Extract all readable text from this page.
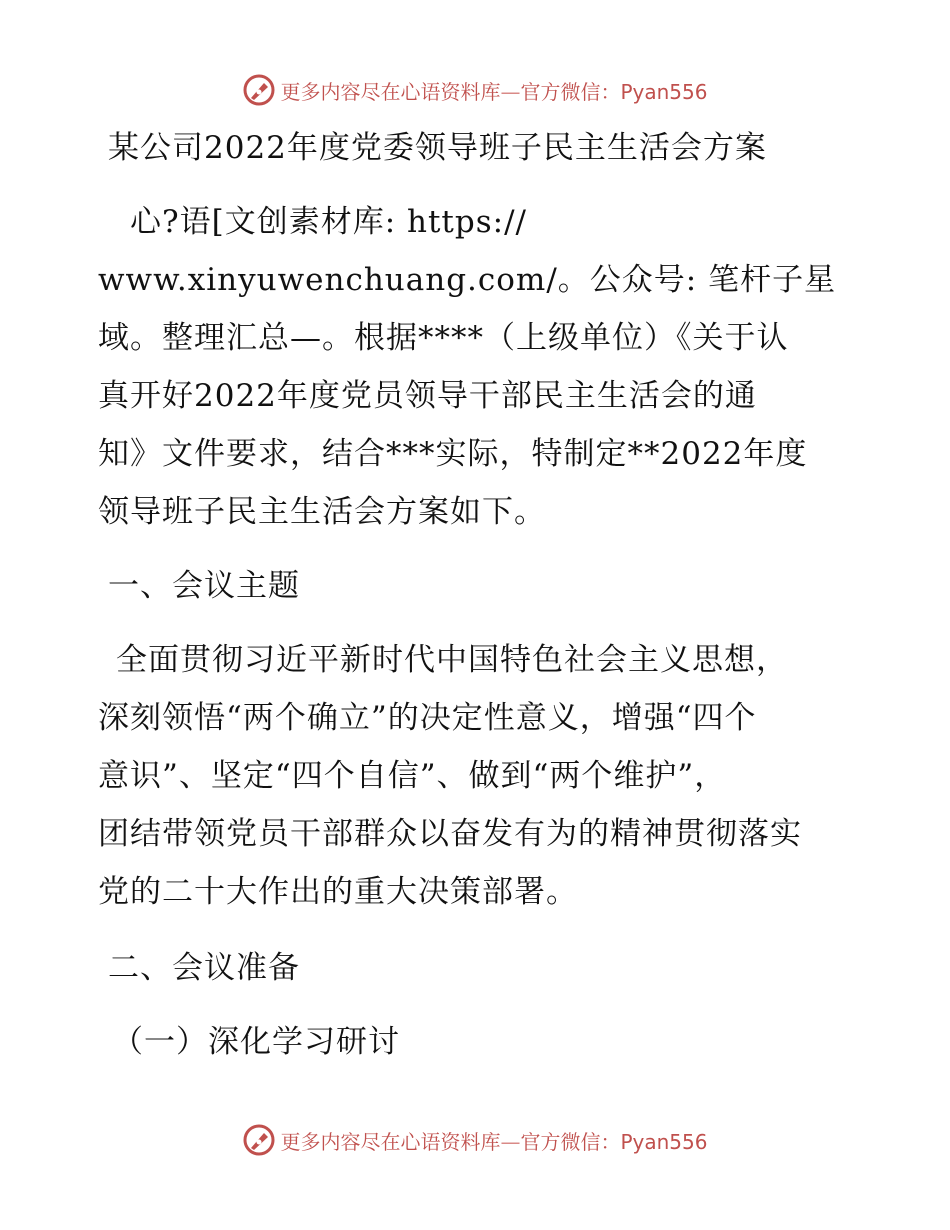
更多内容尽在心语资料库—官方微信：Pyan556
某公司2022年度党委领导班子民主生活会方案
心?语[文创素材库: https://
www.xinyuwenchuang.com/。公众号: 笔杆子星
域。整理汇总—。根据****（上级单位）《关于认
真开好2022年度党员领导干部民主生活会的通
知》文件要求，结合***实际，特制定**2022年度
领导班子民主生活会方案如下。
一、会议主题
全面贯彻习近平新时代中国特色社会主义思想，
深刻领悟“两个确立”的决定性意义，增强“四个
意识”、坚定“四个自信”、做到“两个维护”，
团结带领党员干部群众以奋发有为的精神贯彻落实
党的二十大作出的重大决策部署。
二、会议准备
（一）深化学习研讨
更多内容尽在心语资料库—官方微信：Pyan556
